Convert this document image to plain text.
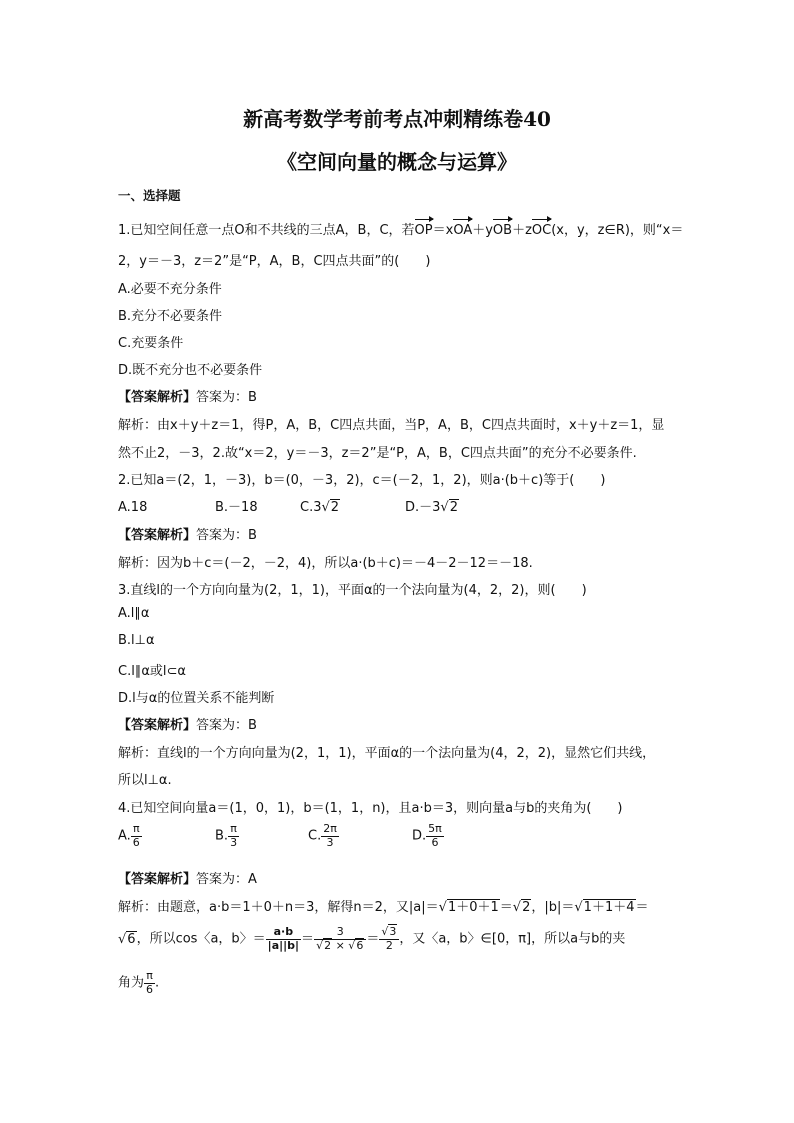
新高考数学考前考点冲刺精练卷40
《空间向量的概念与运算》
一、选择题
1.已知空间任意一点O和不共线的三点A，B，C，若OP＝xOA＋yOB＋zOC(x，y，z∈R)，则“x＝
2，y＝－3，z＝2”是“P，A，B，C四点共面”的(　　)
A.必要不充分条件
B.充分不必要条件
C.充要条件
D.既不充分也不必要条件
【答案解析】答案为：B
解析：由x＋y＋z＝1，得P，A，B，C四点共面，当P，A，B，C四点共面时，x＋y＋z＝1，显
然不止2，－3，2.故“x＝2，y＝－3，z＝2”是“P，A，B，C四点共面”的充分不必要条件.
2.已知a＝(2，1，－3)，b＝(0，－3，2)，c＝(－2，1，2)，则a·(b＋c)等于(　　)
A.18	B.－18	C.3√2	D.－3√2
【答案解析】答案为：B
解析：因为b＋c＝(－2，－2，4)，所以a·(b＋c)＝－4－2－12＝－18.
3.直线l的一个方向向量为(2，1，1)，平面α的一个法向量为(4，2，2)，则(　　)
A.l∥α
B.l⊥α
C.l∥α或l⊂α
D.l与α的位置关系不能判断
【答案解析】答案为：B
解析：直线l的一个方向向量为(2，1，1)，平面α的一个法向量为(4，2，2)，显然它们共线，
所以l⊥α.
4.已知空间向量a＝(1，0，1)，b＝(1，1，n)，且a·b＝3，则向量a与b的夹角为(　　)
A. $\frac{\pi}{6}$	B. $\frac{\pi}{3}$	C. $\frac{2\pi}{3}$	D. $\frac{5\pi}{6}$
【答案解析】答案为：A
解析：由题意，a·b＝1＋0＋n＝3，解得n＝2，又|a|＝√1＋0＋1＝√2，|b|＝√1＋1＋4＝
√6，所以cos〈a，b〉＝ $\frac{a\cdot b}{|a||b|} = \frac{3}{√2 \times √6} = \frac{√3}{2}$ ，又〈a，b〉∈[0，π]，所以a与b的夹
角为 $\frac{\pi}{6}$ .
